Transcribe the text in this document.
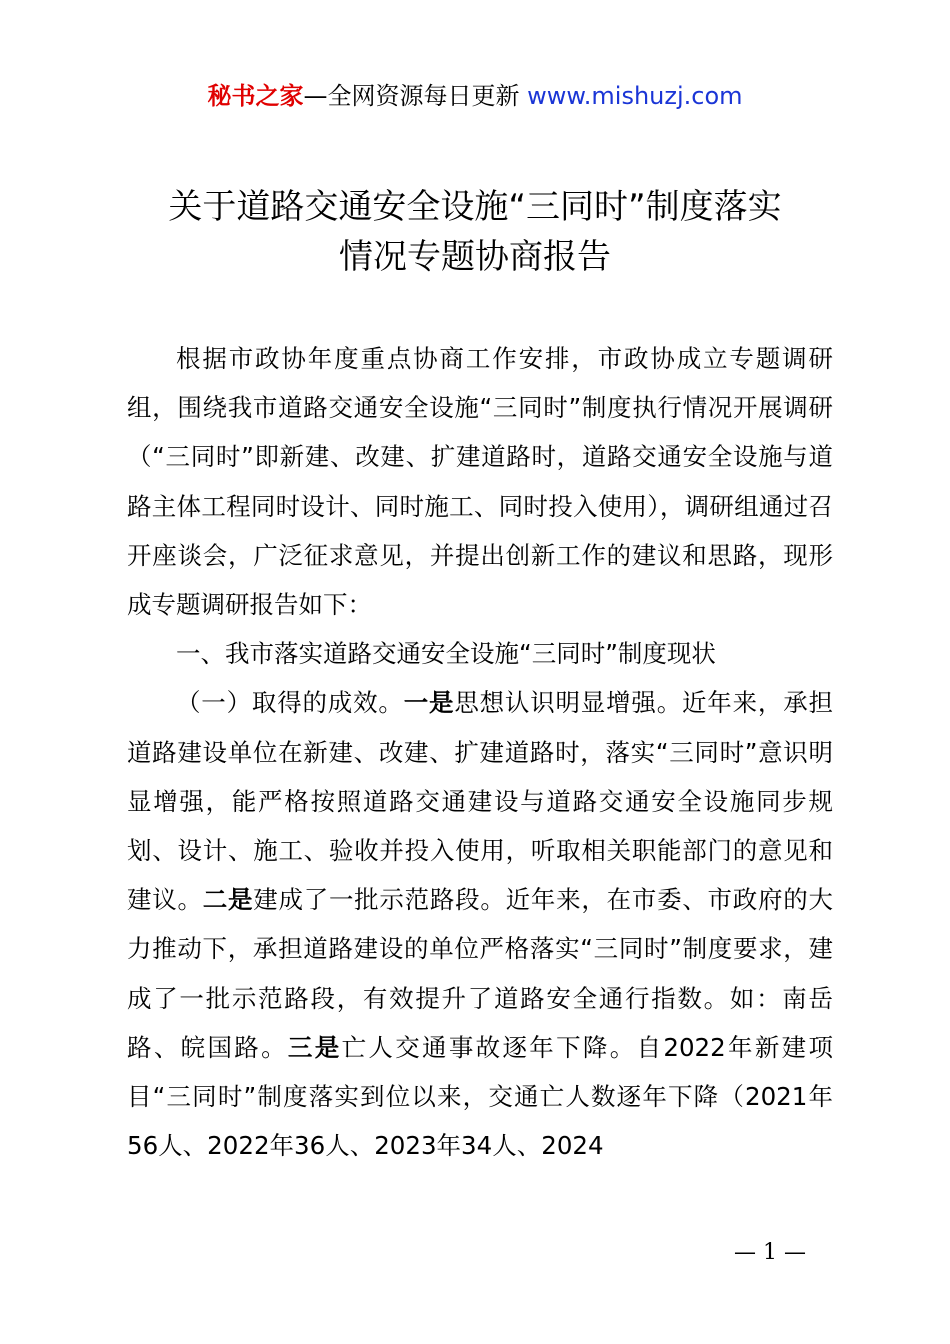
秘书之家—全网资源每日更新 www.mishuzj.com
关于道路交通安全设施“三同时”制度落实
情况专题协商报告

根据市政协年度重点协商工作安排，市政协成立专题调研组，围绕我市道路交通安全设施“三同时”制度执行情况开展调研（“三同时”即新建、改建、扩建道路时，道路交通安全设施与道路主体工程同时设计、同时施工、同时投入使用），调研组通过召开座谈会，广泛征求意见，并提出创新工作的建议和思路，现形成专题调研报告如下：

一、我市落实道路交通安全设施“三同时”制度现状

（一）取得的成效。一是思想认识明显增强。近年来，承担道路建设单位在新建、改建、扩建道路时，落实“三同时”意识明显增强，能严格按照道路交通建设与道路交通安全设施同步规划、设计、施工、验收并投入使用，听取相关职能部门的意见和建议。二是建成了一批示范路段。近年来，在市委、市政府的大力推动下，承担道路建设的单位严格落实“三同时”制度要求，建成了一批示范路段，有效提升了道路安全通行指数。如：南岳路、皖国路。三是亡人交通事故逐年下降。自2022年新建项目“三同时”制度落实到位以来，交通亡人数逐年下降（2021年56人、2022年36人、2023年34人、2024

— 1 —
